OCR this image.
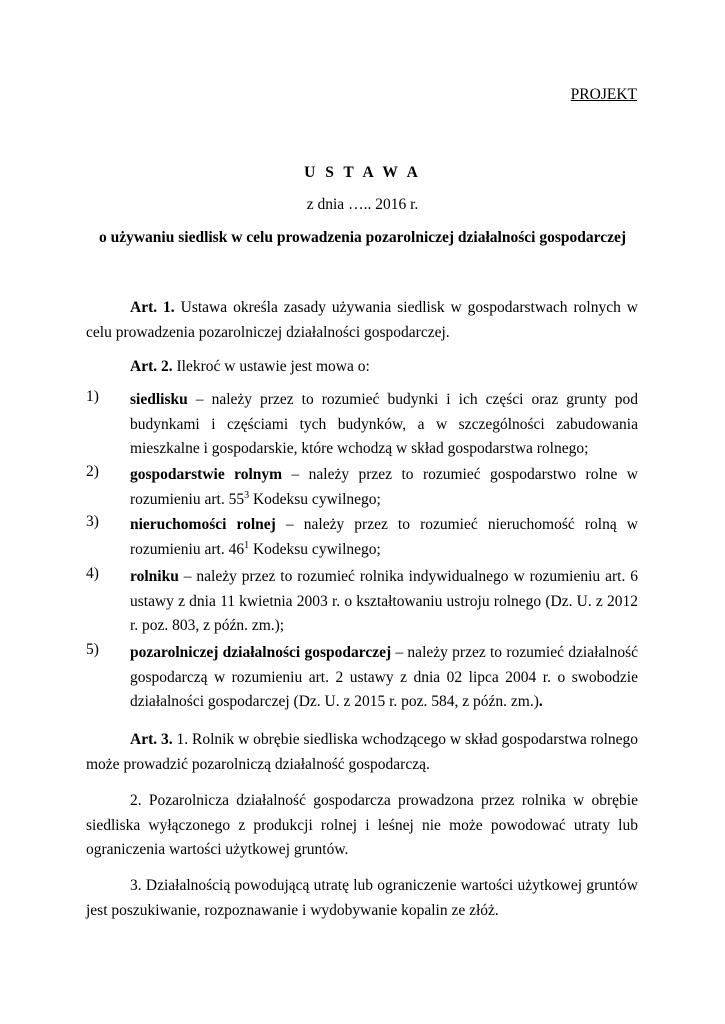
PROJEKT
U S T A W A
z dnia ….. 2016 r.
o używaniu siedlisk w celu prowadzenia pozarolniczej działalności gospodarczej

Art. 1. Ustawa określa zasady używania siedlisk w gospodarstwach rolnych w celu prowadzenia pozarolniczej działalności gospodarczej.

Art. 2. Ilekroć w ustawie jest mowa o:

1) siedlisku – należy przez to rozumieć budynki i ich części oraz grunty pod budynkami i częściami tych budynków, a w szczególności zabudowania mieszkalne i gospodarskie, które wchodzą w skład gospodarstwa rolnego;
2) gospodarstwie rolnym – należy przez to rozumieć gospodarstwo rolne w rozumieniu art. $55^3$ Kodeksu cywilnego;
3) nieruchomości rolnej – należy przez to rozumieć nieruchomość rolną w rozumieniu art. $46^1$ Kodeksu cywilnego;
4) rolniku – należy przez to rozumieć rolnika indywidualnego w rozumieniu art. 6 ustawy z dnia 11 kwietnia 2003 r. o kształtowaniu ustroju rolnego (Dz. U. z 2012 r. poz. 803, z późn. zm.);
5) pozarolniczej działalności gospodarczej – należy przez to rozumieć działalność gospodarczą w rozumieniu art. 2 ustawy z dnia 02 lipca 2004 r. o swobodzie działalności gospodarczej (Dz. U. z 2015 r. poz. 584, z późn. zm.).

Art. 3. 1. Rolnik w obrębie siedliska wchodzącego w skład gospodarstwa rolnego może prowadzić pozarolniczą działalność gospodarczą.

2. Pozarolnicza działalność gospodarcza prowadzona przez rolnika w obrębie siedliska wyłączonego z produkcji rolnej i leśnej nie może powodować utraty lub ograniczenia wartości użytkowej gruntów.

3. Działalnością powodującą utratę lub ograniczenie wartości użytkowej gruntów jest poszukiwanie, rozpoznawanie i wydobywanie kopalin ze złóż.
